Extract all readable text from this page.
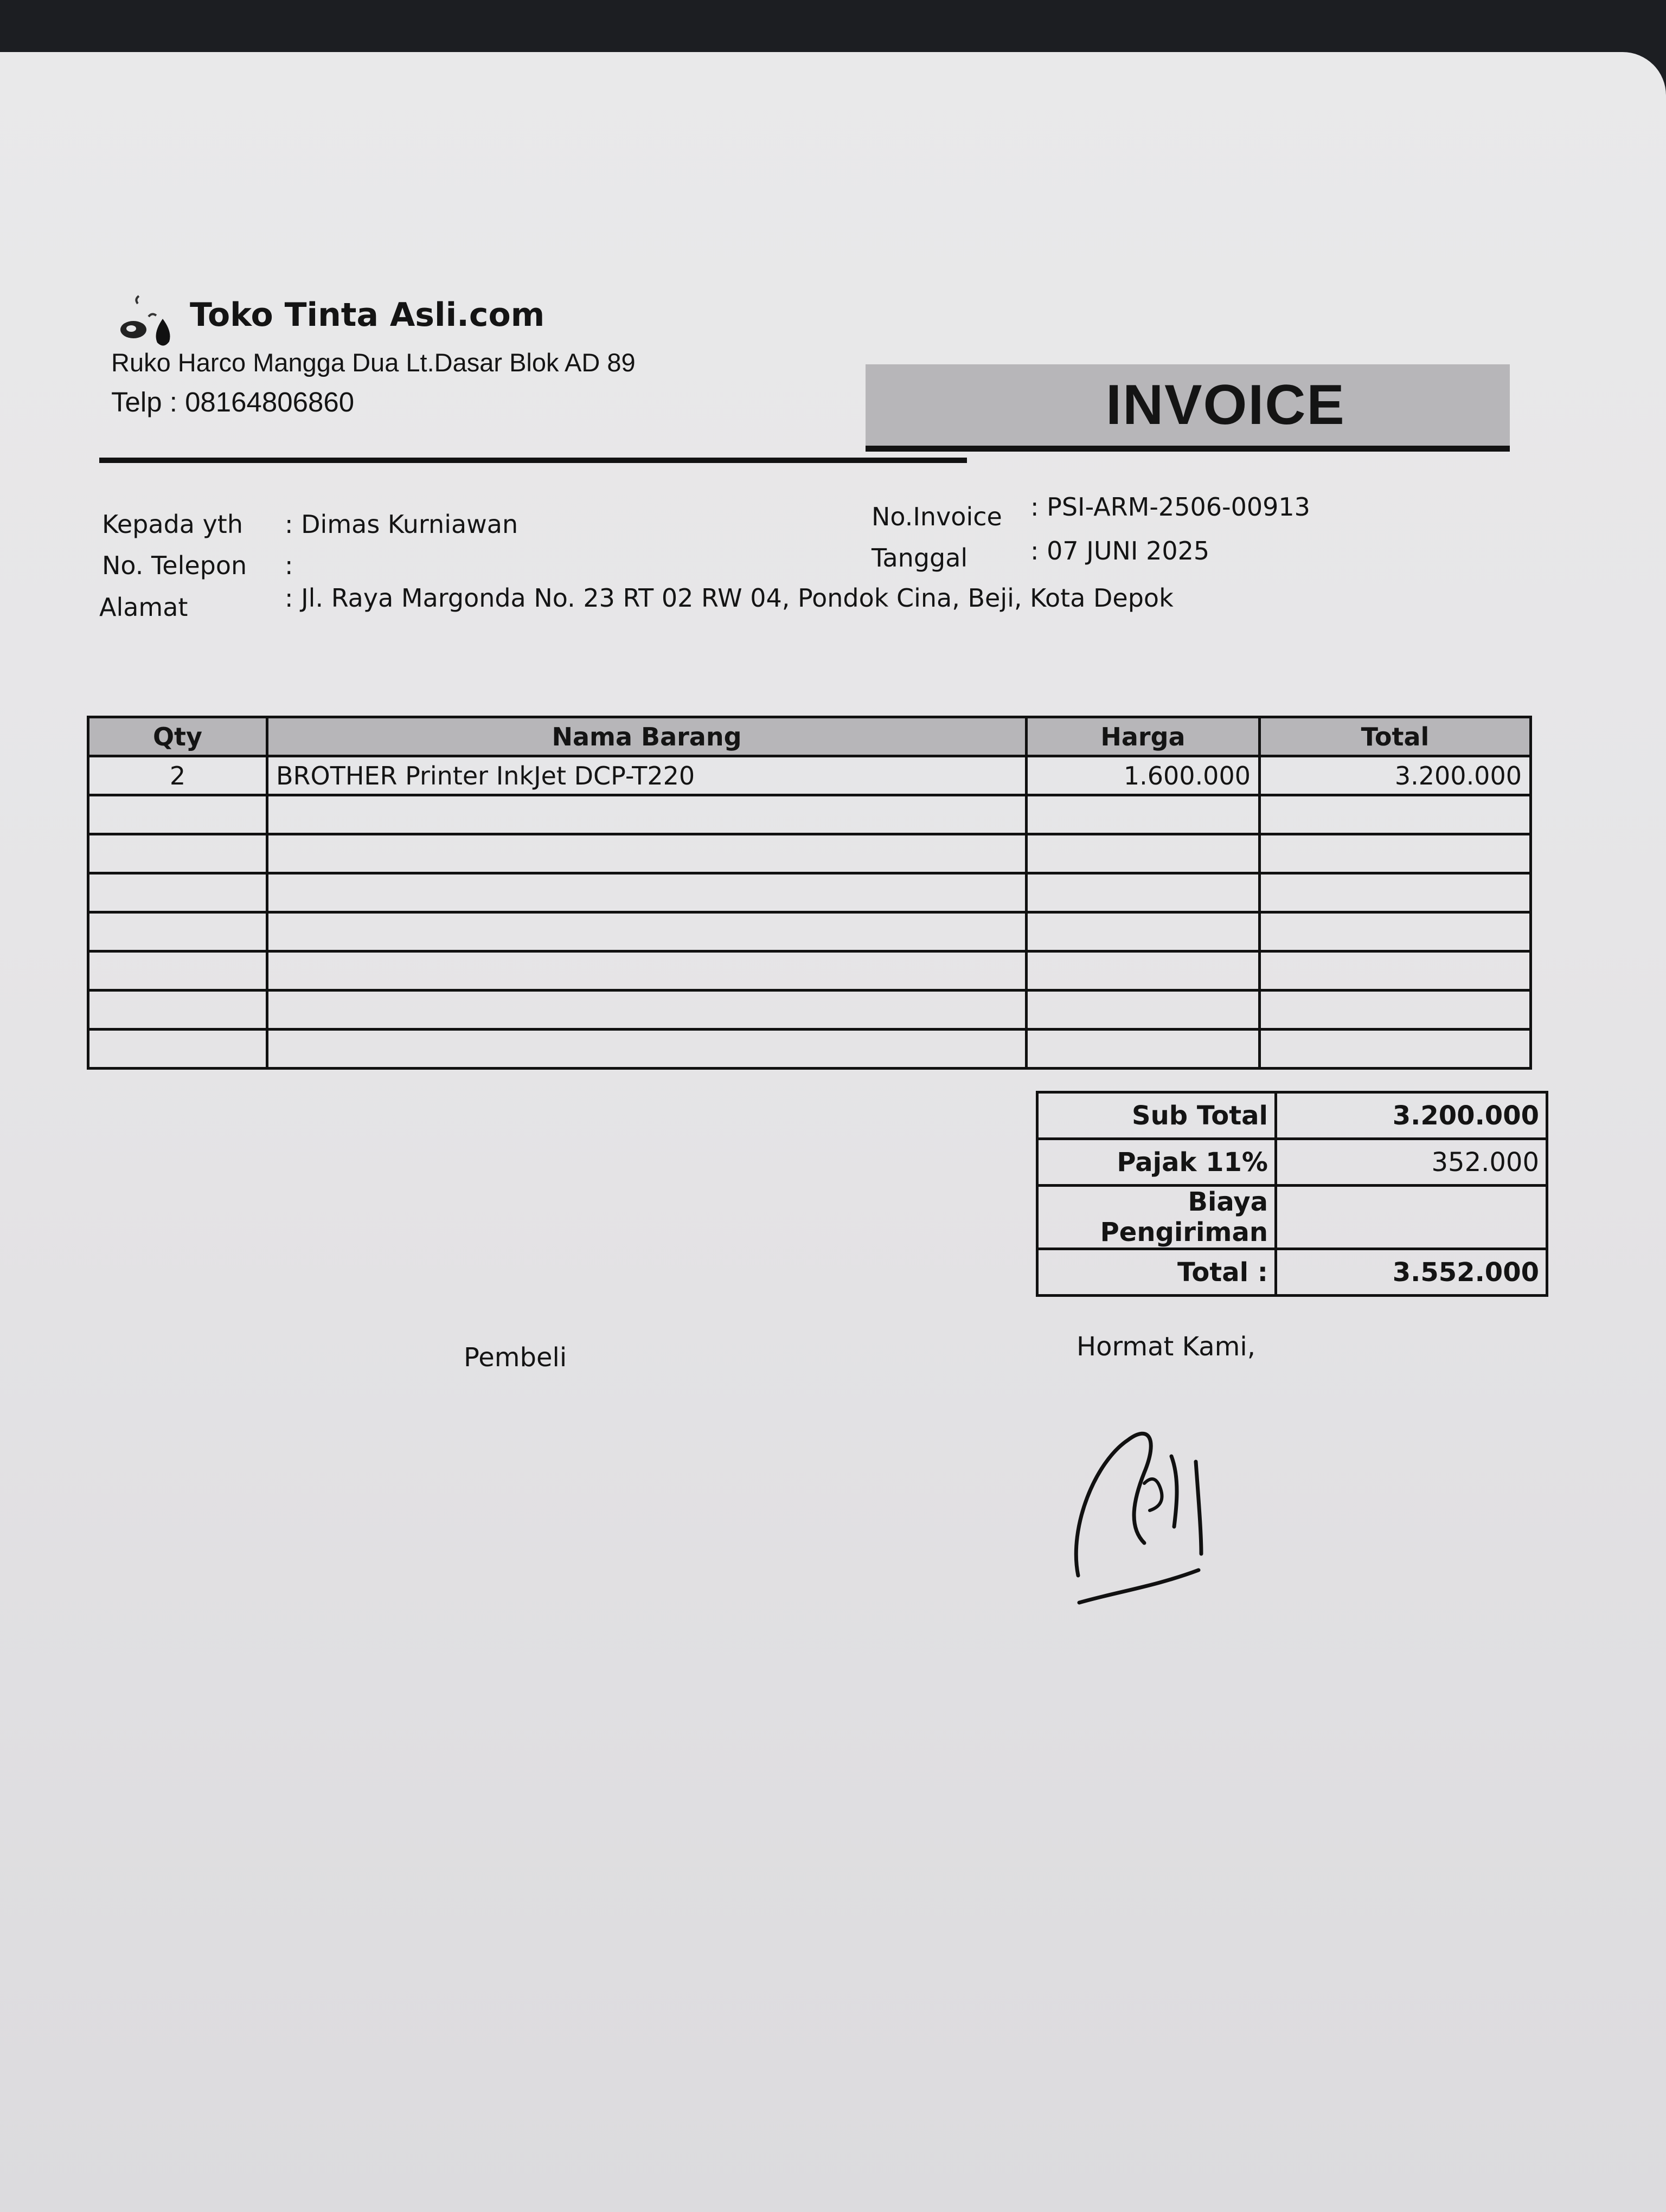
Toko Tinta Asli.com
Ruko Harco Mangga Dua Lt.Dasar Blok AD 89
Telp : 08164806860	INVOICE
Kepada yth : Dimas Kurniawan
No. Telepon :
Alamat	: Jl. Raya Margonda No. 23 RT 02 RW 04, Pondok Cina, Beji, Kota Depok
No.Invoice : PSI-ARM-2506-00913
Tanggal	: 07 JUNI 2025
Qty	Nama Barang	Harga	Total
2	BROTHER Printer InkJet DCP-T220	1.600.000	3.200.000

Sub Total	3.200.000
Pajak 11%	352.000
Biaya Pengiriman	
Total :	3.552.000
Pembeli	Hormat Kami,
